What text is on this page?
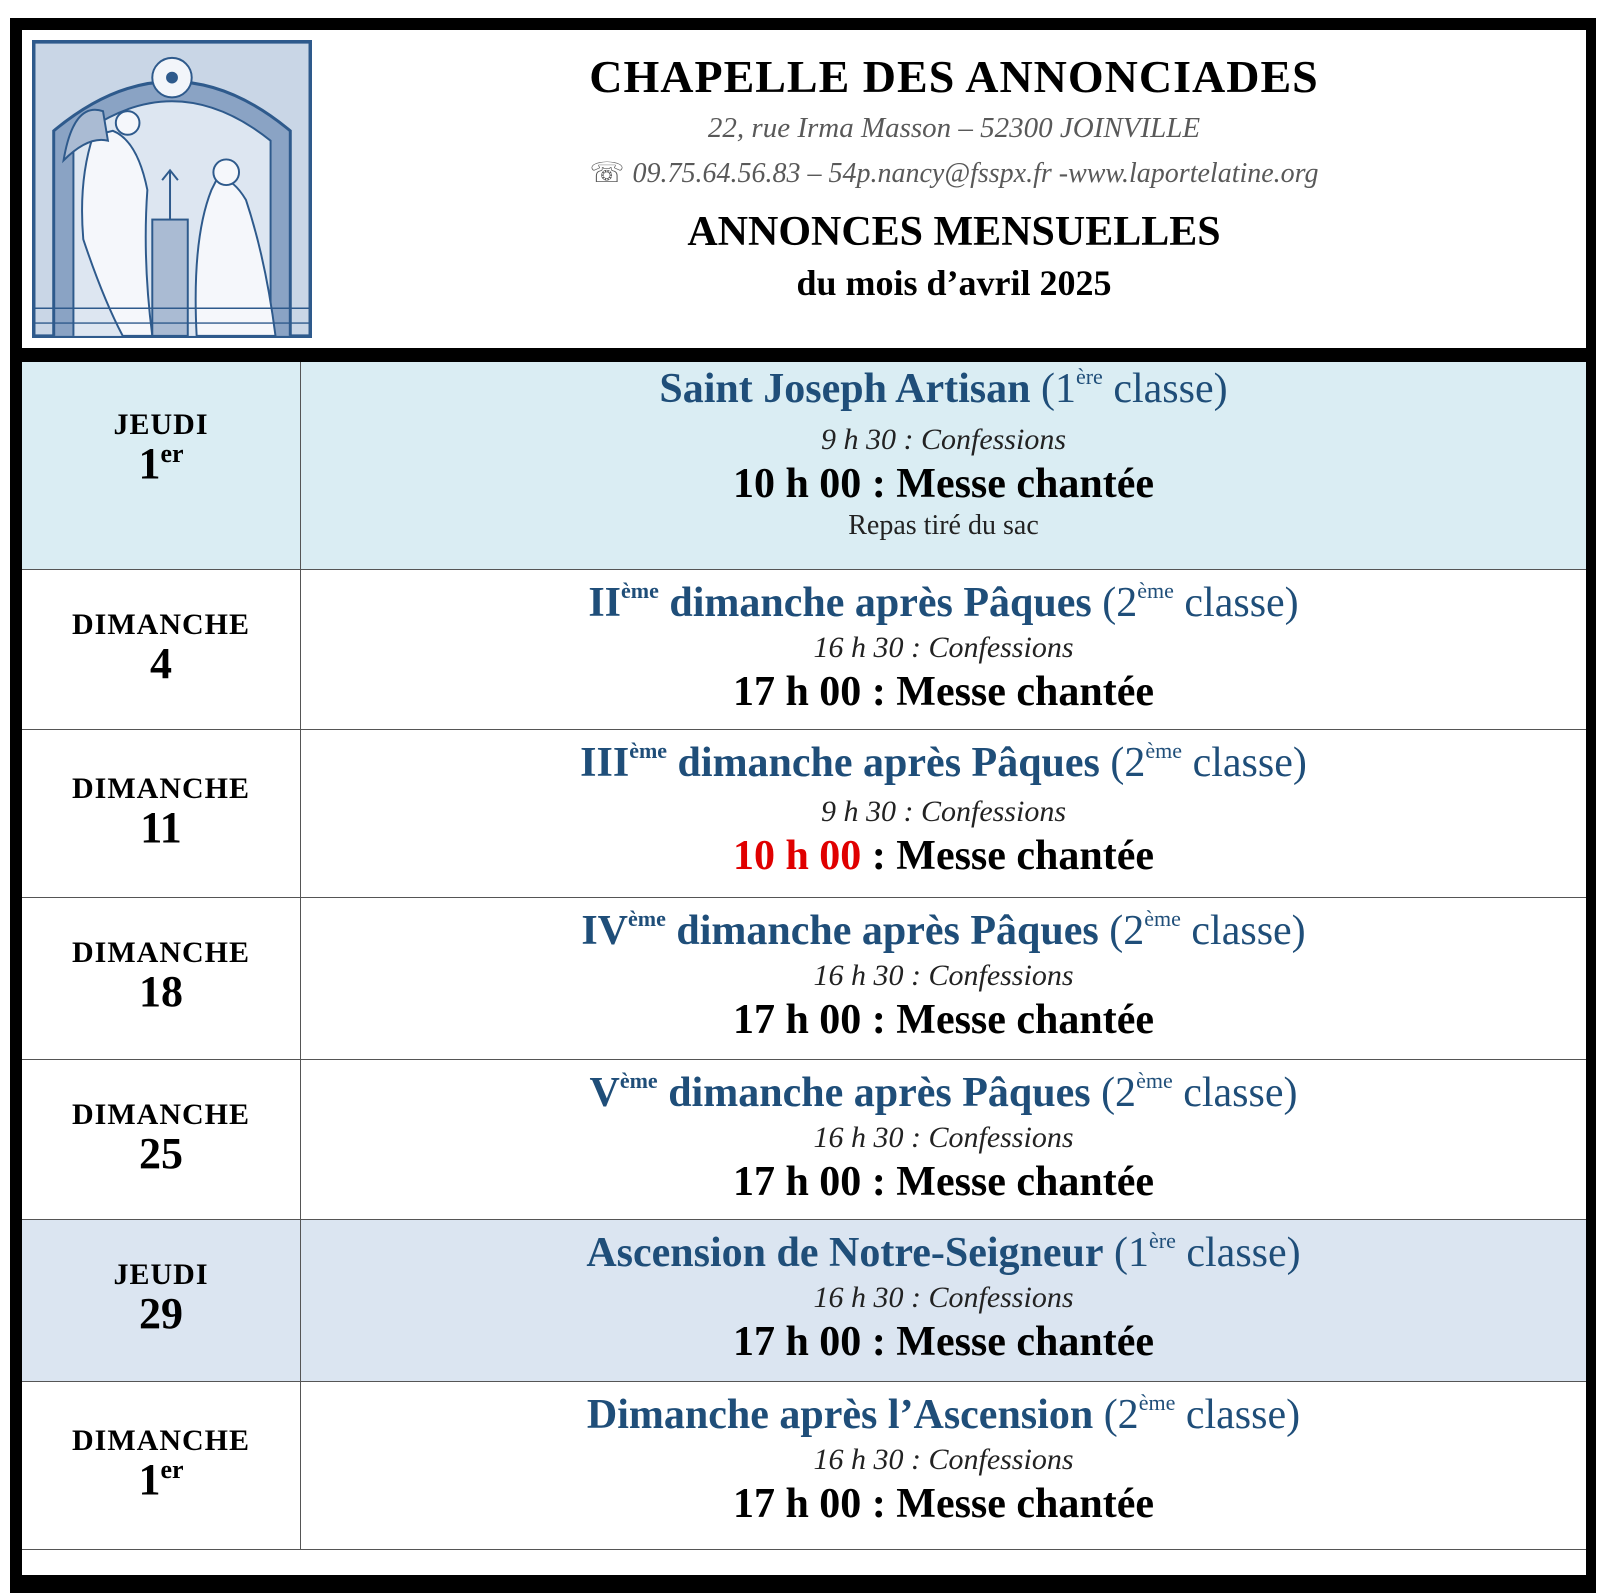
CHAPELLE DES ANNONCIADES
22, rue Irma Masson – 52300 JOINVILLE
☏ 09.75.64.56.83 – 54p.nancy@fsspx.fr -www.laportelatine.org
ANNONCES MENSUELLES
du mois d’avril 2025
JEUDI
1er
Saint Joseph Artisan (1ère classe)
9 h 30 : Confessions
10 h 00 : Messe chantée
Repas tiré du sac
DIMANCHE
4
IIème dimanche après Pâques (2ème classe)
16 h 30 : Confessions
17 h 00 : Messe chantée
DIMANCHE
11
IIIème dimanche après Pâques (2ème classe)
9 h 30 : Confessions
10 h 00 : Messe chantée
DIMANCHE
18
IVème dimanche après Pâques (2ème classe)
16 h 30 : Confessions
17 h 00 : Messe chantée
DIMANCHE
25
Vème dimanche après Pâques (2ème classe)
16 h 30 : Confessions
17 h 00 : Messe chantée
JEUDI
29
Ascension de Notre-Seigneur (1ère classe)
16 h 30 : Confessions
17 h 00 : Messe chantée
DIMANCHE
1er
Dimanche après l’Ascension (2ème classe)
16 h 30 : Confessions
17 h 00 : Messe chantée
